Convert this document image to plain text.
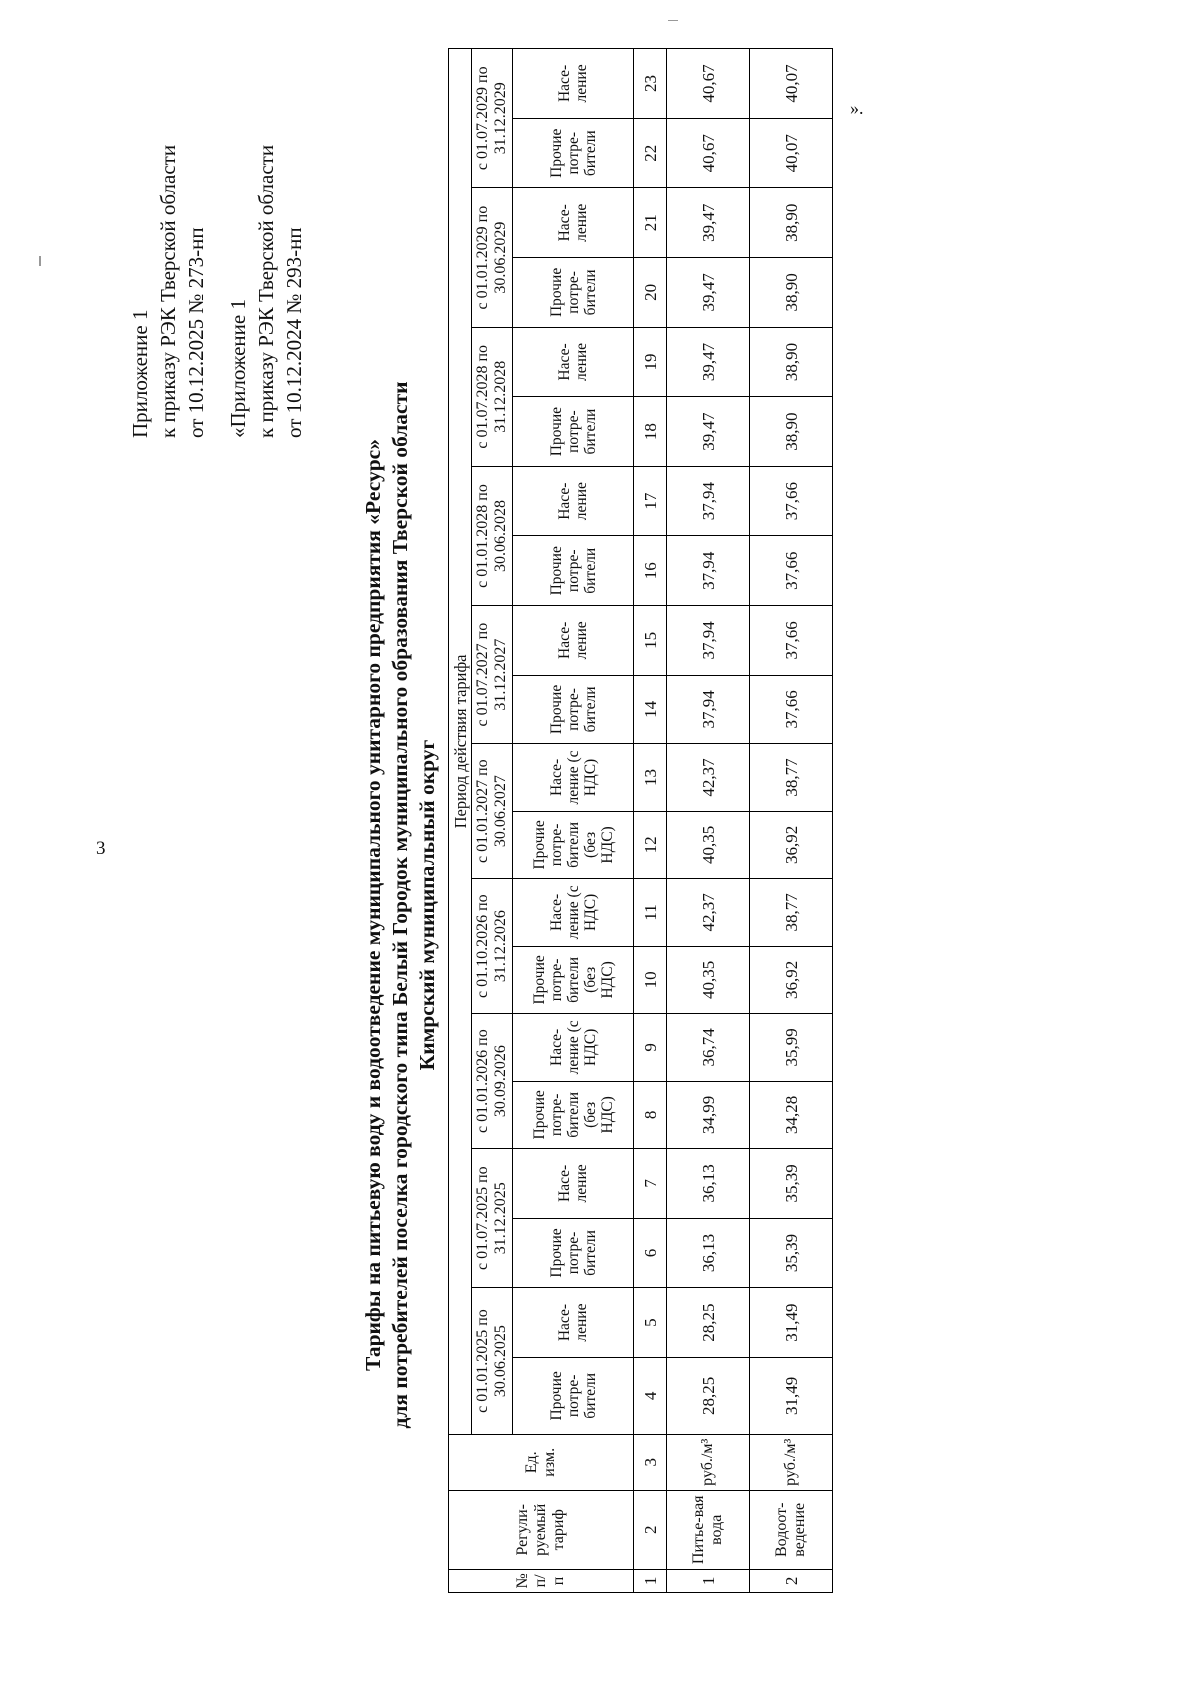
3
Приложение 1 к приказу РЭК Тверской области от 10.12.2025 № 273-нп «Приложение 1 к приказу РЭК Тверской области от 10.12.2024 № 293-нп
Тарифы на питьевую воду и водоотведение муниципального унитарного предприятия «Ресурс» для потребителей поселка городского типа Белый Городок муниципального образования Тверской области Кимрский муниципальный округ
№ п/ п	Регули-руемый тариф	Ед. изм.	Период действия тарифа																			
			с 01.01.2025 по 30.06.2025		с 01.07.2025 по 31.12.2025		с 01.01.2026 по 30.09.2026		с 01.10.2026 по 31.12.2026		с 01.01.2027 по 30.06.2027		с 01.07.2027 по 31.12.2027		с 01.01.2028 по 30.06.2028		с 01.07.2028 по 31.12.2028		с 01.01.2029 по 30.06.2029		с 01.07.2029 по 31.12.2029	
			Прочие потре-бители	Насе-ление	Прочие потре-бители	Насе-ление	Прочие потре-бители (без НДС)	Насе-ление (с НДС)	Прочие потре-бители (без НДС)	Насе-ление (с НДС)	Прочие потре-бители (без НДС)	Насе-ление (с НДС)	Прочие потре-бители	Насе-ление	Прочие потре-бители	Насе-ление	Прочие потре-бители	Насе-ление	Прочие потре-бители	Насе-ление	Прочие потре-бители	Насе-ление
1	2	3	4	5	6	7	8	9	10	11	12	13	14	15	16	17	18	19	20	21	22	23
1	Питье-вая вода	руб./м³	28,25	28,25	36,13	36,13	34,99	36,74	40,35	42,37	40,35	42,37	37,94	37,94	37,94	37,94	39,47	39,47	39,47	39,47	40,67	40,67
2	Водоот-ведение	руб./м³	31,49	31,49	35,39	35,39	34,28	35,99	36,92	38,77	36,92	38,77	37,66	37,66	37,66	37,66	38,90	38,90	38,90	38,90	40,07	40,07
».
